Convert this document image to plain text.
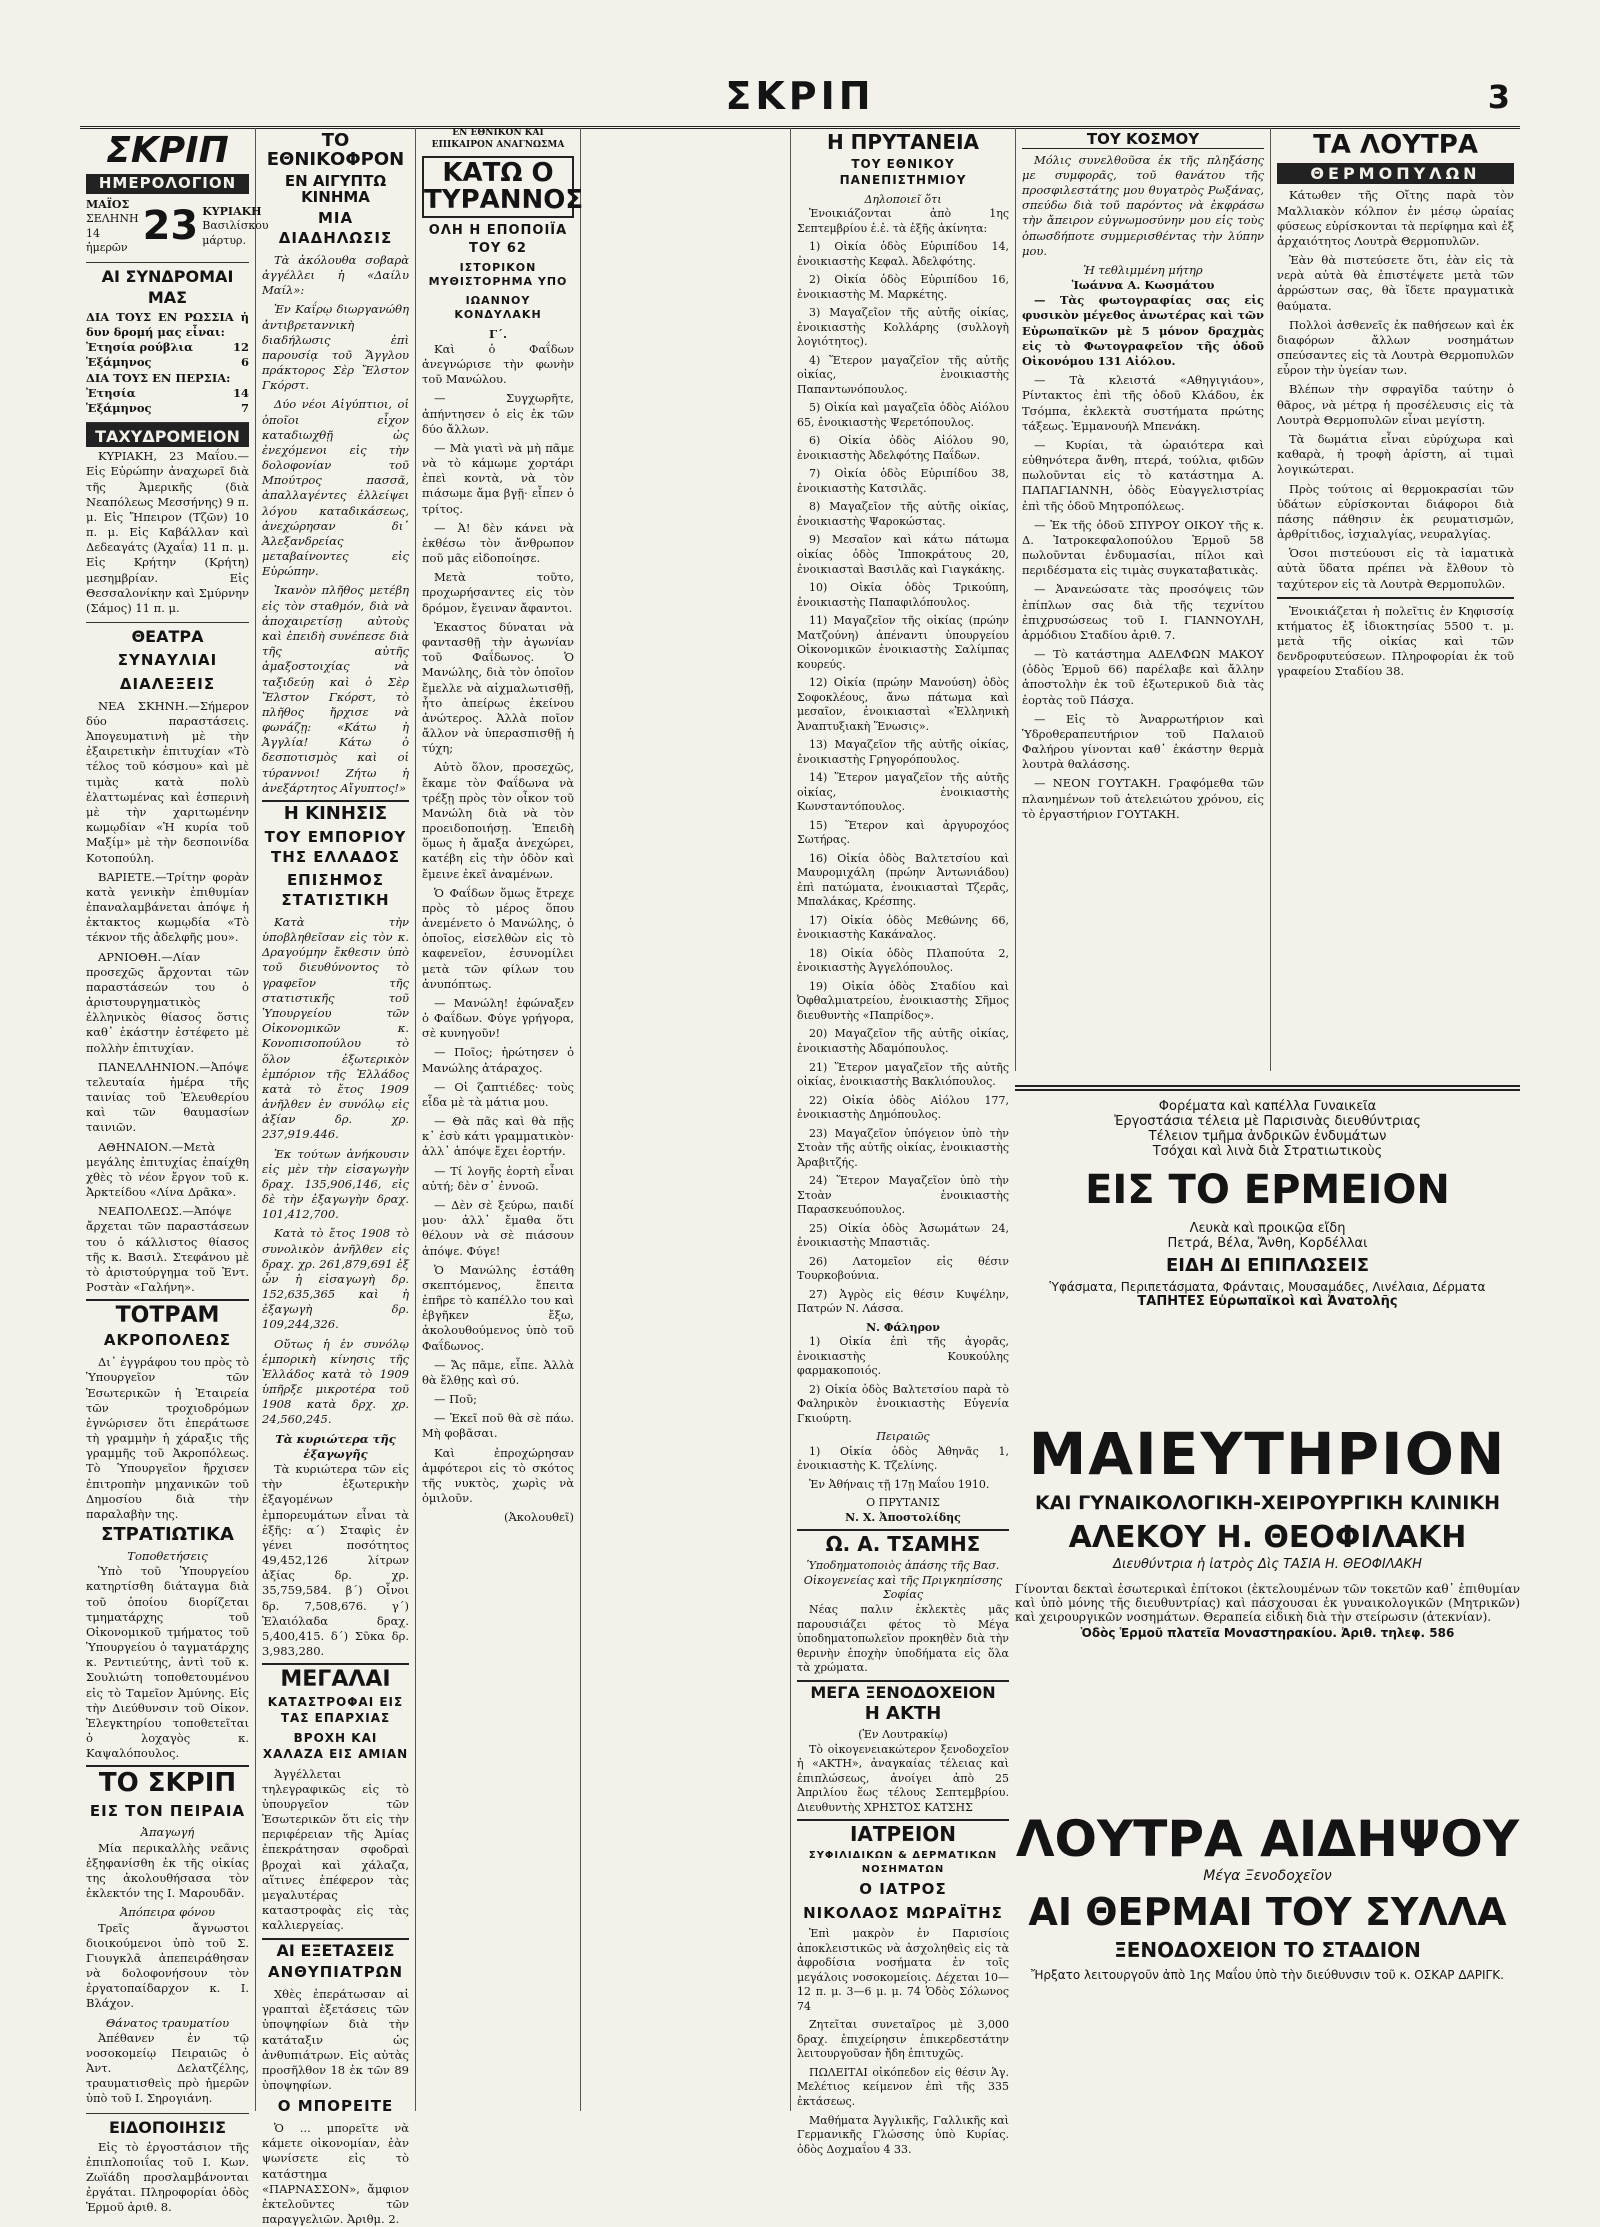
ΣΚΡΙΠ	3
ΣΚΡΙΠ
ΗΜΕΡΟΛΟΓΙΟΝ
ΜΑΪΟΣ
ΣΕΛΗΝΗ 14 ἡμερῶν 23 ΚΥΡΙΑΚΗ
Βασιλίσκου μάρτυρ.
ΑΙ ΣΥΝΔΡΟΜΑΙ ΜΑΣ
ΔΙΑ ΤΟΥΣ ΕΝ ΡΩΣΣΙΑ ἡ δυν δρομή μας εἶναι:
Ἐτησία ρούβλια	12
Ἑξάμηνος	6
ΔΙΑ ΤΟΥΣ ΕΝ ΠΕΡΣΙΑ:
Ἐτησία	14
Ἑξάμηνος	7
ΤΑΧΥΔΡΟΜΕΙΟΝ

ΚΥΡΙΑΚΗ, 23 Μαΐου.—Εἰς Εὐρώπην ἀναχωρεῖ διὰ τῆς Ἀμερικῆς (διὰ Νεαπόλεως Μεσσήνης) 9 π. μ. Εἰς Ἤπειρον (Τζῶν) 10 π. μ. Εἰς Καβάλλαν καὶ Δεδεαγάτς (Ἀχαΐα) 11 π. μ. Εἰς Κρήτην (Κρήτη) μεσημβρίαν. Εἰς Θεσσαλονίκην καὶ Σμύρνην (Σάμος) 11 π. μ.

ΘΕΑΤΡΑ
ΣΥΝΑΥΛΙΑΙ
ΔΙΑΛΕΞΕΙΣ

ΝΕΑ ΣΚΗΝΗ.—Σήμερον δύο παραστάσεις. Ἀπογευματινὴ μὲ τὴν ἐξαιρετικὴν ἐπιτυχίαν «Τὸ τέλος τοῦ κόσμου» καὶ μὲ τιμὰς κατὰ πολὺ ἐλαττωμένας καὶ ἑσπερινὴ μὲ τὴν χαριτωμένην κωμῳδίαν «Ἡ κυρία τοῦ Μαξίμ» μὲ τὴν δεσποινίδα Κοτοπούλη.

ΒΑΡΙΕΤΕ.—Τρίτην φορὰν κατὰ γενικὴν ἐπιθυμίαν ἐπαναλαμβάνεται ἀπόψε ἡ ἐκτακτος κωμῳδία «Τὸ τέκνον τῆς ἀδελφῆς μου».

ΑΡΝΙΟΘΗ.—Λίαν προσεχῶς ἄρχονται τῶν παραστάσεών του ὁ ἀριστουργηματικὸς ἐλληνικὸς θίασος ὅστις καθ᾿ ἑκάστην ἐστέφετο μὲ πολλὴν ἐπιτυχίαν.

ΠΑΝΕΛΛΗΝΙΟΝ.—Ἀπόψε τελευταία ἡμέρα τῆς ταινίας τοῦ Ἐλευθερίου καὶ τῶν θαυμασίων ταινιῶν.

ΑΘΗΝΑΙΟΝ.—Μετὰ μεγάλης ἐπιτυχίας ἐπαίχθη χθὲς τὸ νέον ἔργον τοῦ κ. Ἀρκτείδου «Λίνα Δρᾶκα».

ΝΕΑΠΟΛΕΩΣ.—Ἀπόψε ἄρχεται τῶν παραστάσεων του ὁ κάλλιστος θίασος τῆς κ. Βασιλ. Στεφάνου μὲ τὸ ἀριστούργημα τοῦ Ἐντ. Ροστὰν «Γαλήνη».

ΤΟΤΡΑΜ
ΑΚΡΟΠΟΛΕΩΣ

Δι᾿ ἐγγράφου του πρὸς τὸ Ὑπουργεῖον τῶν Ἐσωτερικῶν ἡ Ἑταιρεία τῶν τροχιοδρόμων ἐγνώρισεν ὅτι ἐπεράτωσε τὴ γραμμὴν ἡ χάραξις τῆς γραμμῆς τοῦ Ἀκροπόλεως. Τὸ Ὑπουργεῖον ἤρχισεν ἐπιτροπὴν μηχανικῶν τοῦ Δημοσίου διὰ τὴν παραλαβὴν της.

ΣΤΡΑΤΙΩΤΙΚΑ
Τοποθετήσεις

Ὑπὸ τοῦ Ὑπουργείου κατηρτίσθη διάταγμα διὰ τοῦ ὁποίου διορίζεται τμηματάρχης τοῦ Οἰκονομικοῦ τμήματος τοῦ Ὑπουργείου ὁ ταγματάρχης κ. Ρεντιεύτης, ἀντὶ τοῦ κ. Σουλιώτη τοποθετουμένου εἰς τὸ Ταμεῖον Ἀμύνης. Εἰς τὴν Διεύθυνσιν τοῦ Οἰκον. Ἐλεγκτηρίου τοποθετεῖται ὁ λοχαγὸς κ. Καψαλόπουλος.

ΤΟ ΣΚΡΙΠ
ΕΙΣ ΤΟΝ ΠΕΙΡΑΙΑ
Ἀπαγωγή

Μία περικαλλὴς νεᾶνις ἐξηφανίσθη ἐκ τῆς οἰκίας της ἀκολουθήσασα τὸν ἐκλεκτόν της Ι. Μαρουδᾶν.

Ἀπόπειρα φόνου

Τρεῖς ἄγνωστοι διοικούμενοι ὑπὸ τοῦ Σ. Γιουγκλᾶ ἀπεπειράθησαν νὰ δολοφονήσουν τὸν ἐργατοπαίδαρχον κ. Ι. Βλάχον.

Θάνατος τραυματίου

Ἀπέθανεν ἐν τῷ νοσοκομείῳ Πειραιῶς ὁ Ἀντ. Δελατζέλης, τραυματισθεὶς πρὸ ἡμερῶν ὑπὸ τοῦ Ι. Σηρογιάνη.

ΕΙΔΟΠΟΙΗΣΙΣ

Εἰς τὸ ἐργοστάσιον τῆς ἐπιπλοποιΐας τοῦ Ι. Κων. Ζωϊάδη προσλαμβάνονται ἐργάται. Πληροφορίαι ὁδὸς Ἑρμοῦ ἀριθ. 8.

ΤΟ ΕΘΝΙΚΟΦΡΟΝ
ΕΝ ΑΙΓΥΠΤΩ ΚΙΝΗΜΑ
ΜΙΑ ΔΙΑΔΗΛΩΣΙΣ

Τὰ ἀκόλουθα σοβαρὰ ἀγγέλλει ἡ «Δαίλυ Μαίλ»:

Ἐν Καΐρῳ διωργανώθη ἀντιβρεταννικὴ διαδήλωσις ἐπὶ παρουσίᾳ τοῦ Ἄγγλου πράκτορος Σὲρ Ἔλστον Γκόρστ.

Δύο νέοι Αἰγύπτιοι, οἱ ὁποῖοι εἶχον καταδιωχθῇ ὡς ἐνεχόμενοι εἰς τὴν δολοφονίαν τοῦ Μπούτρος πασσᾶ, ἀπαλλαγέντες ἐλλείψει λόγου καταδικάσεως, ἀνεχώρησαν δι᾿ Ἀλεξανδρείας μεταβαίνοντες εἰς Εὐρώπην.

Ἱκανὸν πλῆθος μετέβη εἰς τὸν σταθμόν, διὰ νὰ ἀποχαιρετίσῃ αὐτοὺς καὶ ἐπειδὴ συνέπεσε διὰ τῆς αὐτῆς ἁμαξοστοιχίας νὰ ταξιδεύῃ καὶ ὁ Σὲρ Ἔλστον Γκόρστ, τὸ πλῆθος ἤρχισε νὰ φωνάζῃ: «Κάτω ἡ Ἀγγλία! Κάτω ὁ δεσποτισμὸς καὶ οἱ τύραννοι! Ζήτω ἡ ἀνεξάρτητος Αἴγυπτος!»

Η ΚΙΝΗΣΙΣ
ΤΟΥ ΕΜΠΟΡΙΟΥ ΤΗΣ ΕΛΛΑΔΟΣ
ΕΠΙΣΗΜΟΣ ΣΤΑΤΙΣΤΙΚΗ

Κατὰ τὴν ὑποβληθεῖσαν εἰς τὸν κ. Δραγούμην ἔκθεσιν ὑπὸ τοῦ διευθύνοντος τὸ γραφεῖον τῆς στατιστικῆς τοῦ Ὑπουργείου τῶν Οἰκονομικῶν κ. Κονοπισοπούλου τὸ ὅλον ἐξωτερικὸν ἐμπόριον τῆς Ἑλλάδος κατὰ τὸ ἔτος 1909 ἀνῆλθεν ἐν συνόλῳ εἰς ἀξίαν δρ. χρ. 237,919.446.

Ἐκ τούτων ἀνήκουσιν εἰς μὲν τὴν εἰσαγωγὴν δραχ. 135,906,146, εἰς δὲ τὴν ἐξαγωγὴν δραχ. 101,412,700.

Κατὰ τὸ ἔτος 1908 τὸ συνολικὸν ἀνῆλθεν εἰς δραχ. χρ. 261,879,691 ἐξ ὧν ἡ εἰσαγωγὴ δρ. 152,635,365 καὶ ἡ ἐξαγωγὴ δρ. 109,244,326.

Οὕτως ἡ ἐν συνόλῳ ἐμπορικὴ κίνησις τῆς Ἑλλάδος κατὰ τὸ 1909 ὑπῆρξε μικροτέρα τοῦ 1908 κατὰ δρχ. χρ. 24,560,245.

Τὰ κυριώτερα τῆς ἐξαγωγῆς

Τὰ κυριώτερα τῶν εἰς τὴν ἐξωτερικὴν ἐξαγομένων ἐμπορευμάτων εἶναι τὰ ἑξῆς: α΄) Σταφὶς ἐν γένει ποσότητος 49,452,126 λίτρων ἀξίας δρ. χρ. 35,759,584. β΄) Οἶνοι δρ. 7,508,676. γ΄) Ἐλαιόλαδα δραχ. 5,400,415. δ΄) Σῦκα δρ. 3,983,280.

ΜΕΓΑΛΑΙ
ΚΑΤΑΣΤΡΟΦΑΙ ΕΙΣ ΤΑΣ ΕΠΑΡΧΙΑΣ
ΒΡΟΧΗ ΚΑΙ ΧΑΛΑΖΑ ΕΙΣ ΑΜΙΑΝ

Ἀγγέλλεται τηλεγραφικῶς εἰς τὸ ὑπουργεῖον τῶν Ἐσωτερικῶν ὅτι εἰς τὴν περιφέρειαν τῆς Ἀμίας ἐπεκράτησαν σφοδραὶ βροχαὶ καὶ χάλαζα, αἵτινες ἐπέφερον τὰς μεγαλυτέρας καταστροφὰς εἰς τὰς καλλιεργείας.

ΑΙ ΕΞΕΤΑΣΕΙΣ
ΑΝΘΥΠΙΑΤΡΩΝ

Χθὲς ἐπεράτωσαν αἱ γραπταὶ ἐξετάσεις τῶν ὑποψηφίων διὰ τὴν κατάταξιν ὡς ἀνθυπιάτρων. Εἰς αὐτὰς προσῆλθον 18 ἐκ τῶν 89 ὑποψηφίων.

Ο ΜΠΟΡΕΙΤΕ

Ὁ ... μπορεῖτε νὰ κάμετε οἰκονομίαν, ἐὰν ψωνίσετε εἰς τὸ κατάστημα «ΠΑΡΝΑΣΣΟΝ», ἄμφιον ἐκτελοῦντες τῶν παραγγελιῶν. Ἀριθμ. 2.

ΕΝ ΕΘΝΙΚΟΝ ΚΑΙ ΕΠΙΚΑΙΡΟΝ ΑΝΑΓΝΩΣΜΑ
ΚΑΤΩ Ο ΤΥΡΑΝΝΟΣ
ΟΛΗ Η ΕΠΟΠΟΙΪΑ ΤΟΥ 62
ΙΣΤΟΡΙΚΟΝ ΜΥΘΙΣΤΟΡΗΜΑ ΥΠΟ
ΙΩΑΝΝΟΥ ΚΟΝΔΥΛΑΚΗ
Γ΄.

Καὶ ὁ Φαΐδων ἀνεγνώρισε τὴν φωνὴν τοῦ Μανώλου.

— Συγχωρῆτε, ἀπήντησεν ὁ εἰς ἐκ τῶν δύο ἄλλων.

— Μὰ γιατὶ νὰ μὴ πᾶμε νὰ τὸ κάμωμε χορτάρι ἐπεὶ κοντὰ, νὰ τὸν πιάσωμε ἄμα βγῇ· εἶπεν ὁ τρίτος.

— Ἀ! δὲν κάνει νὰ ἐκθέσω τὸν ἄνθρωπον ποῦ μᾶς εἰδοποίησε.

Μετὰ τοῦτο, προχωρήσαντες εἰς τὸν δρόμον, ἔγειναν ἄφαντοι.

Ἐκαστος δύναται νὰ φαντασθῇ τὴν ἀγωνίαν τοῦ Φαΐδωνος. Ὁ Μανώλης, διὰ τὸν ὁποῖον ἔμελλε νὰ αἰχμαλωτισθῇ, ἦτο ἀπείρως ἐκείνου ἀνώτερος. Ἀλλὰ ποῖον ἄλλον νὰ ὑπερασπισθῇ ἡ τύχη;

Αὐτὸ ὅλον, προσεχῶς, ἔκαμε τὸν Φαΐδωνα νὰ τρέξῃ πρὸς τὸν οἶκον τοῦ Μανώλη διὰ νὰ τὸν προειδοποιήσῃ. Ἐπειδὴ ὅμως ἡ ἄμαξα ἀνεχώρει, κατέβη εἰς τὴν ὁδὸν καὶ ἔμεινε ἐκεῖ ἀναμένων.

Ὁ Φαΐδων ὅμως ἔτρεχε πρὸς τὸ μέρος ὅπου ἀνεμένετο ὁ Μανώλης, ὁ ὁποῖος, εἰσελθὼν εἰς τὸ καφενεῖον, ἐσυνομίλει μετὰ τῶν φίλων του ἀνυπόπτως.

— Μανώλη! ἐφώναξεν ὁ Φαΐδων. Φύγε γρήγορα, σὲ κυνηγοῦν!

— Ποῖος; ἠρώτησεν ὁ Μανώλης ἀτάραχος.

— Οἱ ζαπτιέδες· τοὺς εἶδα μὲ τὰ μάτια μου.

— Θὰ πᾶς καὶ θὰ πῇς κ᾿ ἐσὺ κάτι γραμματικὸν· ἀλλ᾿ ἀπόψε ἔχει ἑορτήν.

— Τί λογῆς ἑορτὴ εἶναι αὐτή; δὲν σ᾿ ἐννοῶ.

— Δὲν σὲ ξεύρω, παιδί μου· ἀλλ᾿ ἔμαθα ὅτι θέλουν νὰ σὲ πιάσουν ἀπόψε. Φύγε!

Ὁ Μανώλης ἐστάθη σκεπτόμενος, ἔπειτα ἐπῆρε τὸ καπέλλο του καὶ ἐβγῆκεν ἔξω, ἀκολουθούμενος ὑπὸ τοῦ Φαΐδωνος.

— Ἄς πᾶμε, εἶπε. Ἀλλὰ θὰ ἔλθῃς καὶ σύ.

— Ποῦ;

— Ἐκεῖ ποῦ θὰ σὲ πάω. Μὴ φοβᾶσαι.

Καὶ ἐπροχώρησαν ἀμφότεροι εἰς τὸ σκότος τῆς νυκτὸς, χωρὶς νὰ ὁμιλοῦν.

(Ἀκολουθεῖ)
Η ΠΡΥΤΑΝΕΙΑ
ΤΟΥ ΕΘΝΙΚΟΥ ΠΑΝΕΠΙΣΤΗΜΙΟΥ
Δηλοποιεῖ ὅτι

Ἐνοικιάζονται ἀπὸ 1ης Σεπτεμβρίου ἐ.ἐ. τὰ ἑξῆς ἀκίνητα:

1) Οἰκία ὁδὸς Εὐριπίδου 14, ἐνοικιαστὴς Κεφαλ. Ἀδελφότης.

2) Οἰκία ὁδὸς Εὐριπίδου 16, ἐνοικιαστὴς Μ. Μαρκέτης.

3) Μαγαζεῖον τῆς αὐτῆς οἰκίας, ἐνοικιαστὴς Κολλάρης (συλλογὴ λογιότητος).

4) Ἕτερον μαγαζεῖον τῆς αὐτῆς οἰκίας, ἐνοικιαστὴς Παπαντωνόπουλος.

5) Οἰκία καὶ μαγαζεῖα ὁδὸς Αἰόλου 65, ἐνοικιαστὴς Ψερετόπουλος.

6) Οἰκία ὁδὸς Αἰόλου 90, ἐνοικιαστὴς Ἀδελφότης Παΐδων.

7) Οἰκία ὁδὸς Εὐριπίδου 38, ἐνοικιαστὴς Κατσιλᾶς.

8) Μαγαζεῖον τῆς αὐτῆς οἰκίας, ἐνοικιαστὴς Ψαροκώστας.

9) Μεσαῖον καὶ κάτω πάτωμα οἰκίας ὁδὸς Ἱπποκράτους 20, ἐνοικιασταὶ Βασιλᾶς καὶ Γιαγκάκης.

10) Οἰκία ὁδὸς Τρικούπη, ἐνοικιαστὴς Παπαφιλόπουλος.

11) Μαγαζεῖον τῆς οἰκίας (πρώην Ματζούνη) ἀπέναντι ὑπουργείου Οἰκονομικῶν ἐνοικιαστὴς Σαλίμπας κουρεύς.

12) Οἰκία (πρώην Μανούση) ὁδὸς Σοφοκλέους, ἄνω πάτωμα καὶ μεσαῖον, ἐνοικιασταὶ «Ἑλληνικὴ Ἀναπτυξιακὴ Ἕνωσις».

13) Μαγαζεῖον τῆς αὐτῆς οἰκίας, ἐνοικιαστὴς Γρηγορόπουλος.

14) Ἕτερον μαγαζεῖον τῆς αὐτῆς οἰκίας, ἐνοικιαστὴς Κωνσταντόπουλος.

15) Ἕτερον καὶ ἀργυροχόος Σωτήρας.

16) Οἰκία ὁδὸς Βαλτετσίου καὶ Μαυρομιχάλη (πρώην Ἀντωνιάδου) ἐπὶ πατώματα, ἐνοικιασταὶ Τζερᾶς, Μπαλάκας, Κρέσπης.

17) Οἰκία ὁδὸς Μεθώνης 66, ἐνοικιαστὴς Κακάναλος.

18) Οἰκία ὁδὸς Πλαπούτα 2, ἐνοικιαστὴς Ἀγγελόπουλος.

19) Οἰκία ὁδὸς Σταδίου καὶ Ὀφθαλμιατρείου, ἐνοικιαστὴς Σῆμος διευθυντὴς «Παπρίδος».

20) Μαγαζεῖον τῆς αὐτῆς οἰκίας, ἐνοικιαστὴς Ἀδαμόπουλος.

21) Ἕτερον μαγαζεῖον τῆς αὐτῆς οἰκίας, ἐνοικιαστὴς Βακλιόπουλος.

22) Οἰκία ὁδὸς Αἰόλου 177, ἐνοικιαστὴς Δημόπουλος.

23) Μαγαζεῖον ὑπόγειον ὑπὸ τὴν Στοὰν τῆς αὐτῆς οἰκίας, ἐνοικιαστὴς Ἀραβιτζής.

24) Ἕτερον Μαγαζεῖον ὑπὸ τὴν Στοὰν ἐνοικιαστὴς Παρασκευόπουλος.

25) Οἰκία ὁδὸς Ἀσωμάτων 24, ἐνοικιαστὴς Μπαστιᾶς.

26) Λατομεῖον εἰς θέσιν Τουρκοβούνια.

27) Ἀγρὸς εἰς θέσιν Κυψέλην, Πατρών Ν. Λάσσα.

Ν. Φάληρον

1) Οἰκία ἐπὶ τῆς ἀγορᾶς, ἐνοικιαστὴς Κουκούλης φαρμακοποιός.

2) Οἰκία ὁδὸς Βαλτετσίου παρὰ τὸ Φαληρικὸν ἐνοικιαστὴς Εὐγενία Γκιούρτη.

Πειραιῶς

1) Οἰκία ὁδὸς Ἀθηνᾶς 1, ἐνοικιαστὴς Κ. Τζελίνης.

Ἐν Ἀθήναις τῇ 17ῃ Μαΐου 1910.

Ο ΠΡΥΤΑΝΙΣ
Ν. Χ. Ἀποστολίδης
Ω. Α. ΤΣΑΜΗΣ
Ὑποδηματοποιὸς ἁπάσης τῆς Βασ. Οἰκογενείας καὶ τῆς Πριγκηπίσσης Σοφίας

Νέας παλιν ἐκλεκτὲς μᾶς παρουσιάζει φέτος τὸ Μέγα ὑποδηματοπωλεῖον προκηθὲν διὰ τὴν θερινὴν ἐποχὴν ὑποδήματα εἰς ὅλα τὰ χρώματα.

ΜΕΓΑ ΞΕΝΟΔΟΧΕΙΟΝ
Η ΑΚΤΗ
(Ἐν Λουτρακίῳ)

Τὸ οἰκογενειακώτερον ξενοδοχεῖον ἡ «ΑΚΤΗ», ἀναγκαίας τέλειας καὶ ἐπιπλώσεως, ἀνοίγει ἀπὸ 25 Ἀπριλίου ἕως τέλους Σεπτεμβρίου. Διευθυντὴς ΧΡΗΣΤΟΣ ΚΑΤΣΗΣ

ΙΑΤΡΕΙΟΝ
ΣΥΦΙΛΙΔΙΚΩΝ & ΔΕΡΜΑΤΙΚΩΝ ΝΟΣΗΜΑΤΩΝ
Ο ΙΑΤΡΟΣ
ΝΙΚΟΛΑΟΣ ΜΩΡΑΪΤΗΣ

Ἐπὶ μακρὸν ἐν Παρισίοις ἀποκλειστικῶς νὰ ἀσχοληθεὶς εἰς τὰ ἀφροδίσια νοσήματα ἐν τοῖς μεγάλοις νοσοκομείοις. Δέχεται 10—12 π. μ. 3—6 μ. μ. 74 Ὁδὸς Σόλωνος 74

Ζητεῖται συνεταῖρος μὲ 3,000 δραχ. ἐπιχείρησιν ἐπικερδεστάτην λειτουργοῦσαν ἤδη ἐπιτυχῶς.

ΠΩΛΕΙΤΑΙ οἰκόπεδον εἰς θέσιν Ἁγ. Μελέτιος κείμενον ἐπὶ τῆς 335 ἐκτάσεως.

Μαθήματα Ἀγγλικῆς, Γαλλικῆς καὶ Γερμανικῆς Γλώσσης ὑπὸ Κυρίας. ὁδὸς Δοχμαΐου 4 33.

ΤΟΥ ΚΟΣΜΟΥ

Μόλις συνελθοῦσα ἐκ τῆς πληξάσης με συμφορᾶς, τοῦ θανάτου τῆς προσφιλεστάτης μου θυγατρὸς Ρωξάνας, σπεύδω διὰ τοῦ παρόντος νὰ ἐκφράσω τὴν ἄπειρον εὐγνωμοσύνην μου εἰς τοὺς ὁπωσδήποτε συμμερισθέντας τὴν λύπην μου.

Ἡ τεθλιμμένη μήτηρ
Ἰωάννα Α. Κωσμάτου

— Τὰς φωτογραφίας σας εἰς φυσικὸν μέγεθος ἀνωτέρας καὶ τῶν Εὐρωπαϊκῶν μὲ 5 μόνον δραχμὰς εἰς τὸ Φωτογραφεῖον τῆς ὁδοῦ Οἰκονόμου 131 Αἰόλου.

— Τὰ κλειστά «Αθηγιγιάου», Ρίντακτος ἐπὶ τῆς ὁδοῦ Κλάδου, ἐκ Τσόμπα, ἐκλεκτὰ συστήματα πρώτης τάξεως. Ἐμμανουήλ Μπενάκη.

— Κυρίαι, τὰ ὡραιότερα καὶ εὐθηνότερα ἄνθη, πτερά, τούλια, φιδῶν πωλοῦνται εἰς τὸ κατάστημα Α. ΠΑΠΑΓΙΑΝΝΗ, ὁδὸς Εὐαγγελιστρίας ἐπὶ τῆς ὁδοῦ Μητροπόλεως.

— Ἐκ τῆς ὁδοῦ ΣΠΥΡΟΥ ΟΙΚΟΥ τῆς κ. Δ. Ἰατροκεφαλοπούλου Ἑρμοῦ 58 πωλοῦνται ἐνδυμασίαι, πίλοι καὶ περιδέσματα εἰς τιμὰς συγκαταβατικὰς.

— Ἀνανεώσατε τὰς προσόψεις τῶν ἐπίπλων σας διὰ τῆς τεχνίτου ἐπιχρυσώσεως τοῦ Ι. ΓΙΑΝΝΟΥΛΗ, ἁρμόδιου Σταδίου ἀριθ. 7.

— Τὸ κατάστημα ΑΔΕΛΦΩΝ ΜΑΚΟΥ (ὁδὸς Ἑρμοῦ 66) παρέλαβε καὶ ἄλλην ἀποστολὴν ἐκ τοῦ ἐξωτερικοῦ διὰ τὰς ἑορτὰς τοῦ Πάσχα.

— Εἰς τὸ Ἀναρρωτήριον καὶ Ὑδροθεραπευτήριον τοῦ Παλαιοῦ Φαλήρου γίνονται καθ᾿ ἑκάστην θερμὰ λουτρὰ θαλάσσης.

— ΝΕΟΝ ΓΟΥΤΑΚΗ. Γραφόμεθα τῶν πλανημένων τοῦ ἀτελειώτου χρόνου, εἰς τὸ ἐργαστήριον ΓΟΥΤΑΚΗ.

ΤΑ ΛΟΥΤΡΑ
ΘΕΡΜΟΠΥΛΩΝ

Κάτωθεν τῆς Οἴτης παρὰ τὸν Μαλλιακὸν κόλπον ἐν μέσῳ ὡραίας φύσεως εὑρίσκονται τὰ περίφημα καὶ ἐξ ἀρχαιότητος Λουτρὰ Θερμοπυλῶν.

Ἐὰν θὰ πιστεύσετε ὅτι, ἐὰν εἰς τὰ νερὰ αὐτὰ θὰ ἐπιστέψετε μετὰ τῶν ἀρρώστων σας, θὰ ἴδετε πραγματικὰ θαύματα.

Πολλοὶ ἀσθενεῖς ἐκ παθήσεων καὶ ἐκ διαφόρων ἄλλων νοσημάτων σπεύσαντες εἰς τὰ Λουτρὰ Θερμοπυλῶν εὗρον τὴν ὑγείαν των.

Βλέπων τὴν σφραγῖδα ταύτην ὁ θᾶρος, νὰ μέτρᾳ ἡ προσέλευσις εἰς τὰ Λουτρὰ Θερμοπυλῶν εἶναι μεγίστη.

Τὰ δωμάτια εἶναι εὐρύχωρα καὶ καθαρὰ, ἡ τροφὴ ἀρίστη, αἱ τιμαὶ λογικώτεραι.

Πρὸς τούτοις αἱ θερμοκρασίαι τῶν ὑδάτων εὑρίσκονται διάφοροι διὰ πάσης πάθησιν ἐκ ρευματισμῶν, ἀρθρίτιδος, ἰσχιαλγίας, νευραλγίας.

Ὁσοι πιστεύουσι εἰς τὰ ἰαματικὰ αὐτὰ ὕδατα πρέπει νὰ ἔλθουν τὸ ταχύτερον εἰς τὰ Λουτρὰ Θερμοπυλῶν.

Ἐνοικιάζεται ἡ πολεῖτις ἐν Κηφισσίᾳ κτήματος ἐξ ἰδιοκτησίας 5500 τ. μ. μετὰ τῆς οἰκίας καὶ τῶν δενδροφυτεύσεων. Πληροφορίαι ἐκ τοῦ γραφείου Σταδίου 38.

Φορέματα καὶ καπέλλα Γυναικεῖα
Ἐργοστάσια τέλεια μὲ Παρισινὰς διευθύντριας
Τέλειον τμῆμα ἀνδρικῶν ἐνδυμάτων
Τσόχαι καὶ λινὰ διὰ Στρατιωτικοὺς
ΕΙΣ ΤΟ ΕΡΜΕΙΟΝ
Λευκὰ καὶ προικῷα εἴδη
Πετρά, Βέλα, Ἄνθη, Κορδέλλαι
ΕΙΔΗ ΔΙ ΕΠΙΠΛΩΣΕΙΣ
Ὑφάσματα, Περιπετάσματα, Φράνταις, Μουσαμάδες, Λινέλαια, Δέρματα
ΤΑΠΗΤΕΣ Εὐρωπαϊκοὶ καὶ Ἀνατολῆς
ΜΑΙΕΥΤΗΡΙΟΝ
ΚΑΙ ΓΥΝΑΙΚΟΛΟΓΙΚΗ-ΧΕΙΡΟΥΡΓΙΚΗ ΚΛΙΝΙΚΗ
ΑΛΕΚΟΥ Η. ΘΕΟΦΙΛΑΚΗ
Διευθύντρια ἡ ἰατρὸς Δὶς ΤΑΣΙΑ Η. ΘΕΟΦΙΛΑΚΗ
Γίνονται δεκταὶ ἐσωτερικαὶ ἐπίτοκοι (ἐκτελουμένων τῶν τοκετῶν καθ᾿ ἐπιθυμίαν καὶ ὑπὸ μόνης τῆς διευθυντρίας) καὶ πάσχουσαι ἐκ γυναικολογικῶν (Μητρικῶν) καὶ χειρουργικῶν νοσημάτων. Θεραπεία εἰδικὴ διὰ τὴν στείρωσιν (ἀτεκνίαν).
Ὁδὸς Ἑρμοῦ πλατεῖα Μοναστηρακίου. Ἀριθ. τηλεφ. 586
ΛΟΥΤΡΑ ΑΙΔΗΨΟΥ
Μέγα Ξενοδοχεῖον
ΑΙ ΘΕΡΜΑΙ ΤΟΥ ΣΥΛΛΑ
ΞΕΝΟΔΟΧΕΙΟΝ ΤΟ ΣΤΑΔΙΟΝ
Ἤρξατο λειτουργοῦν ἀπὸ 1ης Μαΐου ὑπὸ τὴν διεύθυνσιν τοῦ κ. ΟΣΚΑΡ ΔΑΡΙΓΚ.
